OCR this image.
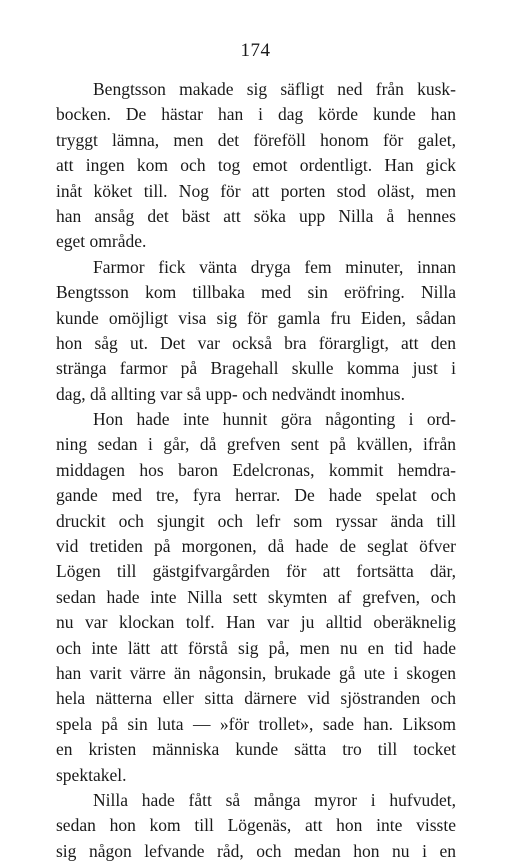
174
Bengtsson makade sig säfligt ned från kusk-
bocken. De hästar han i dag körde kunde han
tryggt lämna, men det föreföll honom för galet,
att ingen kom och tog emot ordentligt. Han gick
inåt köket till. Nog för att porten stod oläst, men
han ansåg det bäst att söka upp Nilla å hennes
eget område.
Farmor fick vänta dryga fem minuter, innan
Bengtsson kom tillbaka med sin eröfring. Nilla
kunde omöjligt visa sig för gamla fru Eiden, sådan
hon såg ut. Det var också bra förargligt, att den
stränga farmor på Bragehall skulle komma just i
dag, då allting var så upp- och nedvändt inomhus.
Hon hade inte hunnit göra någonting i ord-
ning sedan i går, då grefven sent på kvällen, ifrån
middagen hos baron Edelcronas, kommit hemdra-
gande med tre, fyra herrar. De hade spelat och
druckit och sjungit och lefr som ryssar ända till
vid tretiden på morgonen, då hade de seglat öfver
Lögen till gästgifvargården för att fortsätta där,
sedan hade inte Nilla sett skymten af grefven, och
nu var klockan tolf. Han var ju alltid oberäknelig
och inte lätt att förstå sig på, men nu en tid hade
han varit värre än någonsin, brukade gå ute i skogen
hela nätterna eller sitta därnere vid sjöstranden och
spela på sin luta — »för trollet», sade han. Liksom
en kristen människa kunde sätta tro till tocket
spektakel.
Nilla hade fått så många myror i hufvudet,
sedan hon kom till Lögenäs, att hon inte visste
sig någon lefvande råd, och medan hon nu i en
